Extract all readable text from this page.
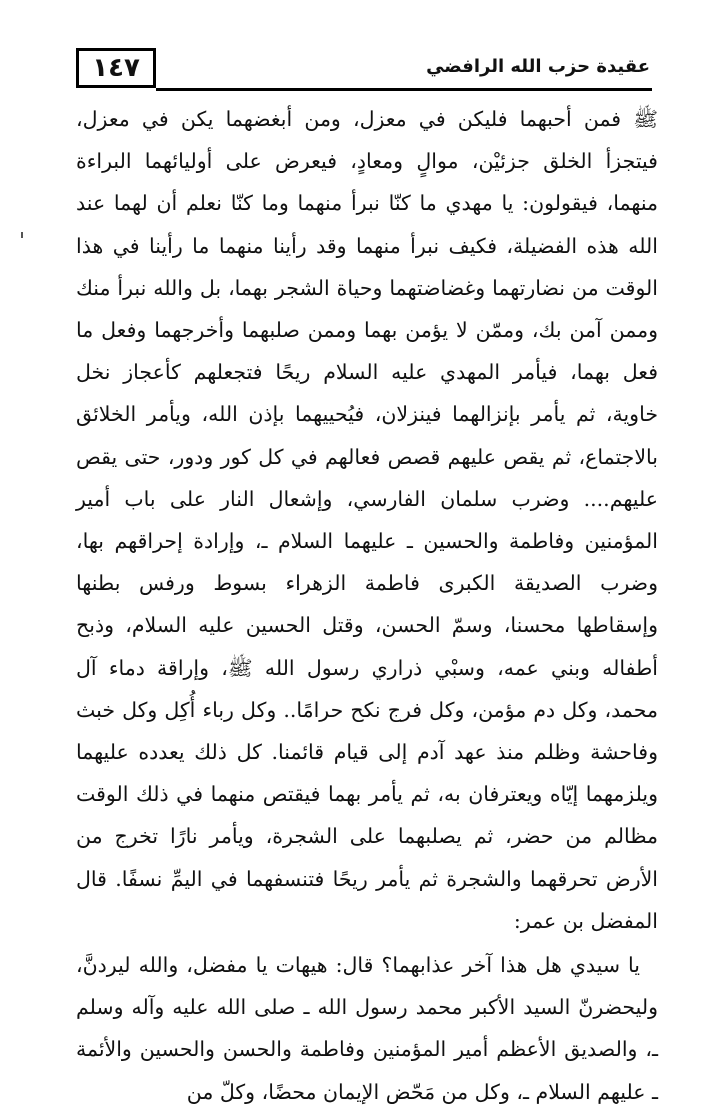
١٤٧	عقيدة حزب الله الرافضي

ﷺ فمن أحبهما فليكن في معزل، ومن أبغضهما يكن في معزل، فيتجزأ الخلق جزئيْن، موالٍ ومعادٍ، فيعرض على أوليائهما البراءة منهما، فيقولون: يا مهدي ما كنّا نبرأ منهما وما كنّا نعلم أن لهما عند الله هذه الفضيلة، فكيف نبرأ منهما وقد رأينا منهما ما رأينا في هذا الوقت من نضارتهما وغضاضتهما وحياة الشجر بهما، بل والله نبرأ منك وممن آمن بك، وممّن لا يؤمن بهما وممن صلبهما وأخرجهما وفعل ما فعل بهما، فيأمر المهدي عليه السلام ريحًا فتجعلهم كأعجاز نخل خاوية، ثم يأمر بإنزالهما فينزلان، فيُحييهما بإذن الله، ويأمر الخلائق بالاجتماع، ثم يقص عليهم قصص فعالهم في كل كور ودور، حتى يقص عليهم.... وضرب سلمان الفارسي، وإشعال النار على باب أمير المؤمنين وفاطمة والحسين ـ عليهما السلام ـ، وإرادة إحراقهم بها، وضرب الصديقة الكبرى فاطمة الزهراء بسوط ورفس بطنها وإسقاطها محسنا، وسمّ الحسن، وقتل الحسين عليه السلام، وذبح أطفاله وبني عمه، وسبْي ذراري رسول الله ﷺ، وإراقة دماء آل محمد، وكل دم مؤمن، وكل فرج نكح حرامًا.. وكل رباء أُكِل وكل خبث وفاحشة وظلم منذ عهد آدم إلى قيام قائمنا. كل ذلك يعدده عليهما ويلزمهما إيّاه ويعترفان به، ثم يأمر بهما فيقتص منهما في ذلك الوقت مظالم من حضر، ثم يصلبهما على الشجرة، ويأمر نارًا تخرج من الأرض تحرقهما والشجرة ثم يأمر ريحًا فتنسفهما في اليمِّ نسفًا. قال المفضل بن عمر:

يا سيدي هل هذا آخر عذابهما؟ قال: هيهات يا مفضل، والله ليردنَّ، وليحضرنّ السيد الأكبر محمد رسول الله ـ صلى الله عليه وآله وسلم ـ، والصديق الأعظم أمير المؤمنين وفاطمة والحسن والحسين والأئمة ـ عليهم السلام ـ، وكل من مَحّض الإيمان محضًا، وكلّ من
